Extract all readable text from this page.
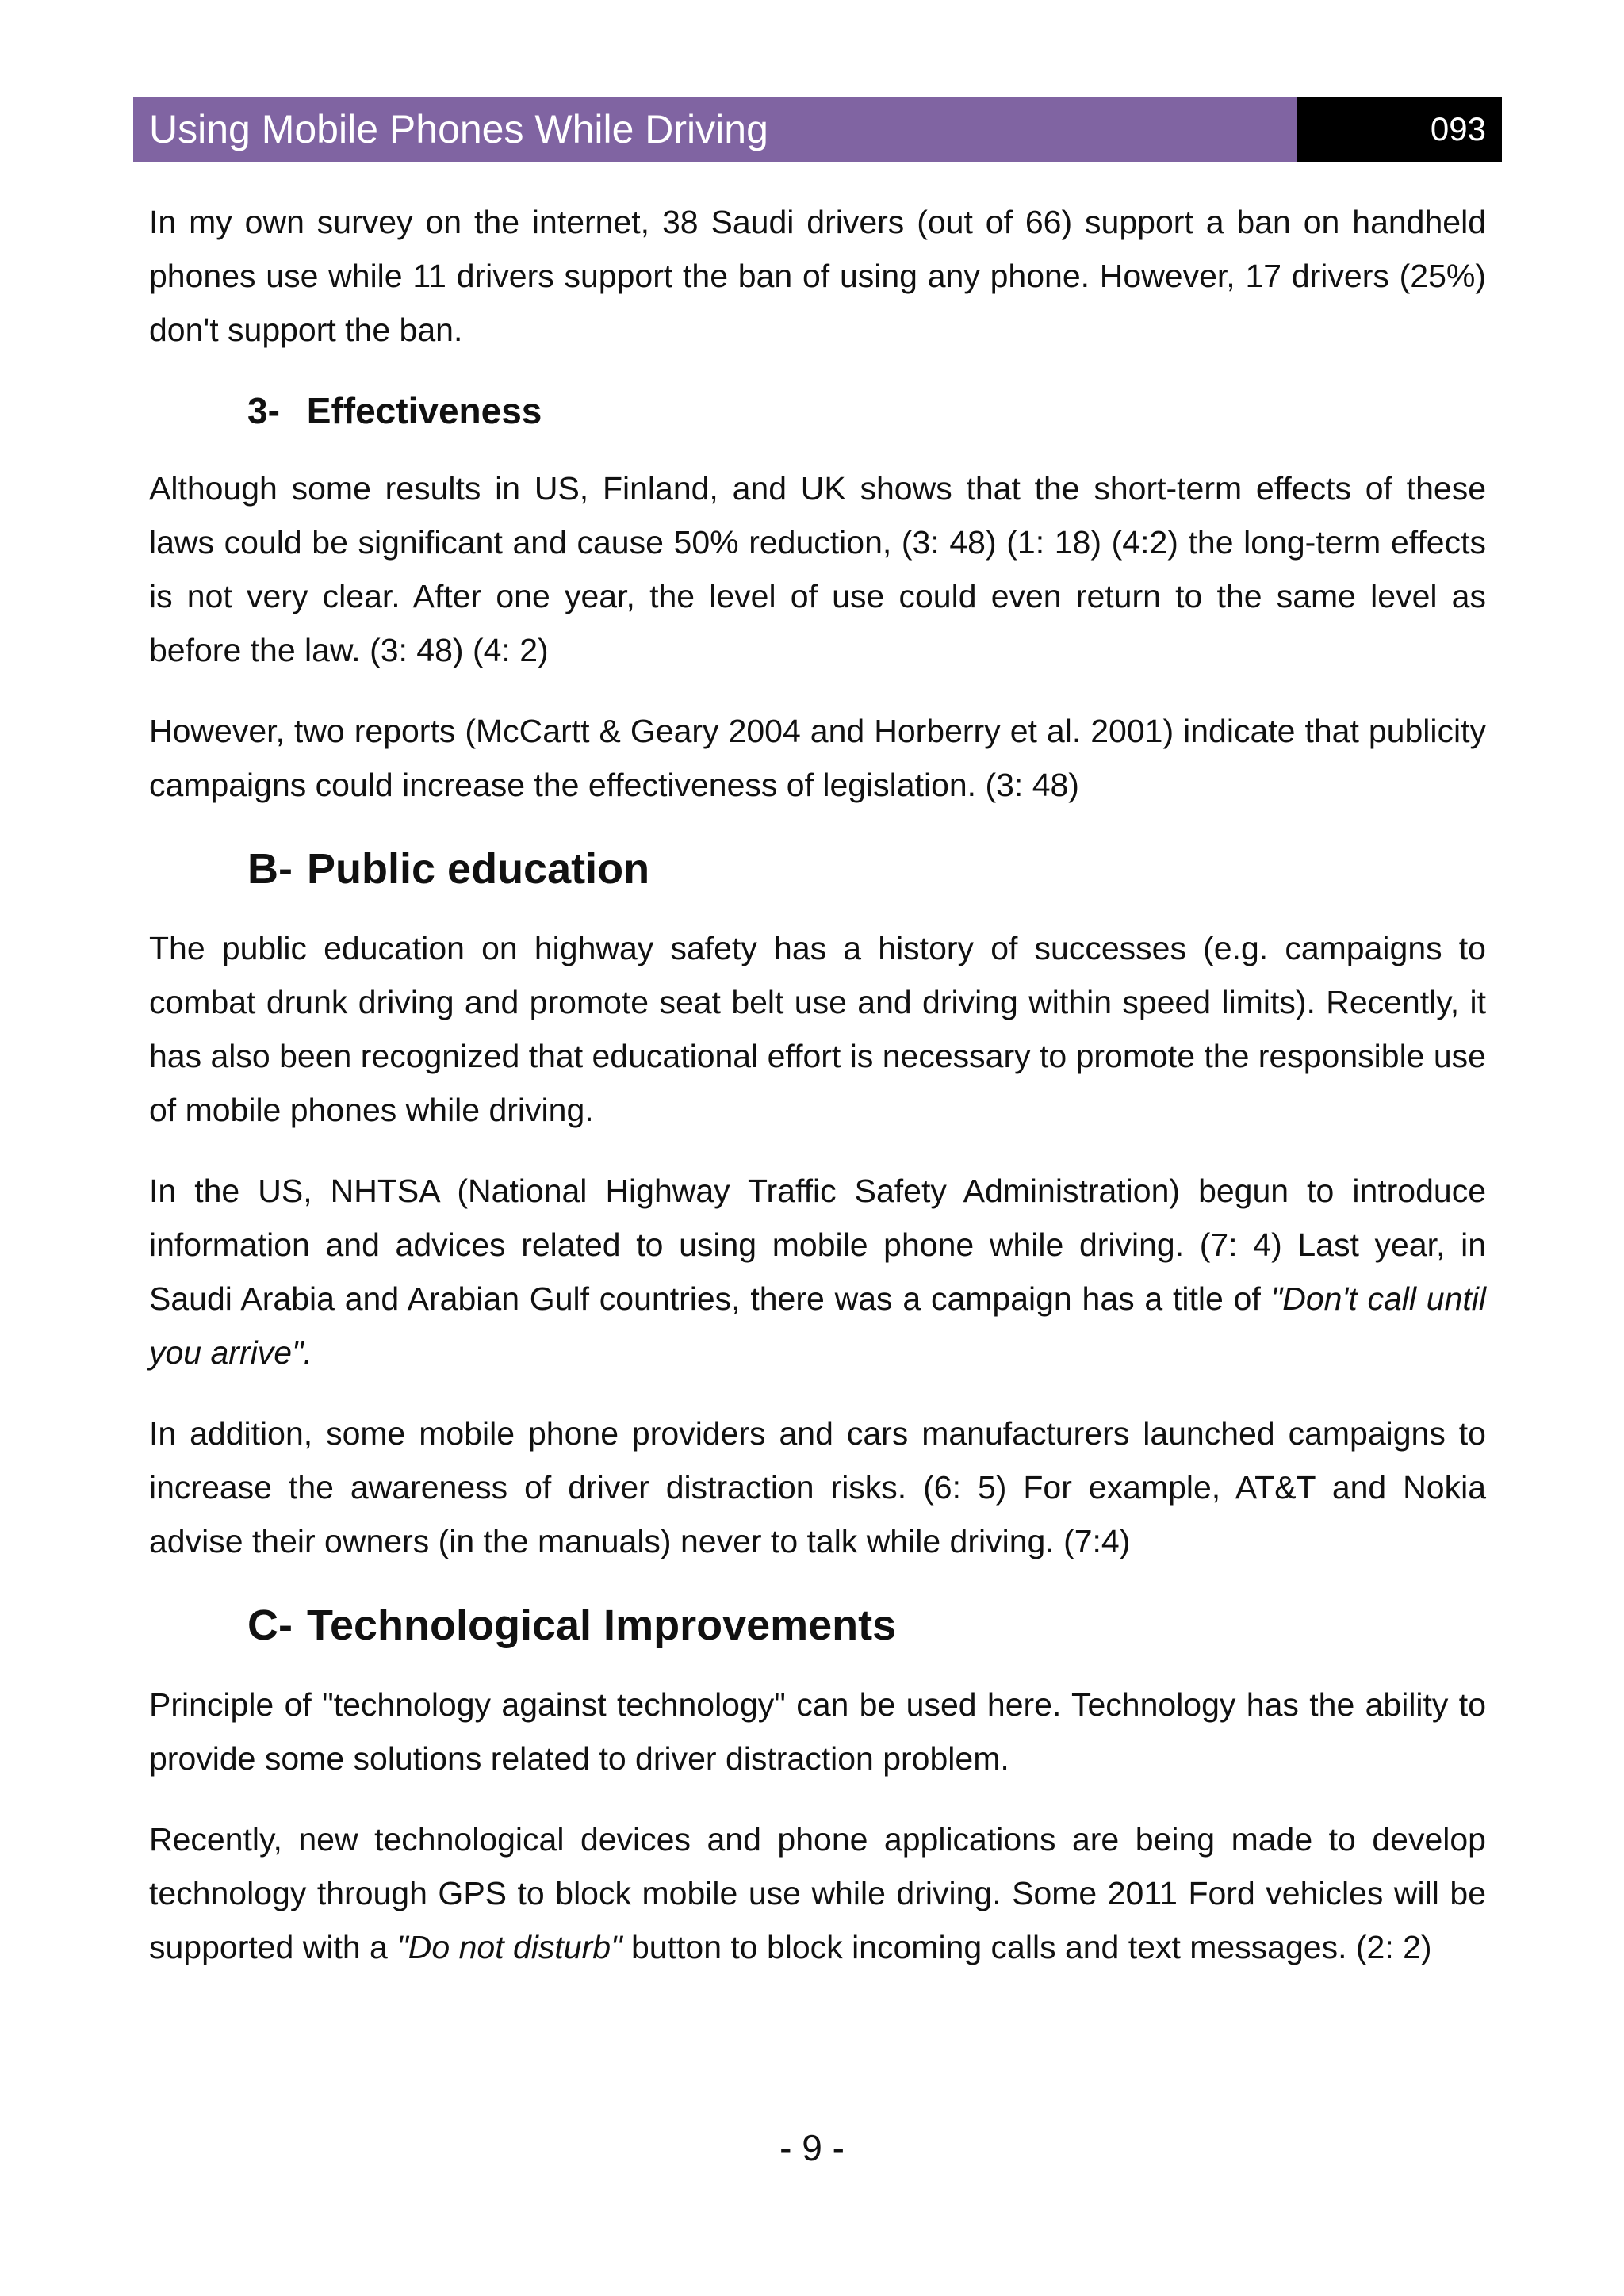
Using Mobile Phones While Driving	093

In my own survey on the internet, 38 Saudi drivers (out of 66) support a ban on handheld phones use while 11 drivers support the ban of using any phone. However, 17 drivers (25%) don't support the ban.

3- Effectiveness

Although some results in US, Finland, and UK shows that the short-term effects of these laws could be significant and cause 50% reduction, (3: 48) (1: 18) (4:2) the long-term effects is not very clear. After one year, the level of use could even return to the same level as before the law. (3: 48) (4: 2)

However, two reports (McCartt & Geary 2004 and Horberry et al. 2001) indicate that publicity campaigns could increase the effectiveness of legislation. (3: 48)

B- Public education

The public education on highway safety has a history of successes (e.g. campaigns to combat drunk driving and promote seat belt use and driving within speed limits). Recently, it has also been recognized that educational effort is necessary to promote the responsible use of mobile phones while driving.

In the US, NHTSA (National Highway Traffic Safety Administration) begun to introduce information and advices related to using mobile phone while driving. (7: 4) Last year, in Saudi Arabia and Arabian Gulf countries, there was a campaign has a title of "Don't call until you arrive".

In addition, some mobile phone providers and cars manufacturers launched campaigns to increase the awareness of driver distraction risks. (6: 5) For example, AT&T and Nokia advise their owners (in the manuals) never to talk while driving. (7:4)

C- Technological Improvements

Principle of "technology against technology" can be used here. Technology has the ability to provide some solutions related to driver distraction problem.

Recently, new technological devices and phone applications are being made to develop technology through GPS to block mobile use while driving. Some 2011 Ford vehicles will be supported with a "Do not disturb" button to block incoming calls and text messages. (2: 2)

- 9 -
